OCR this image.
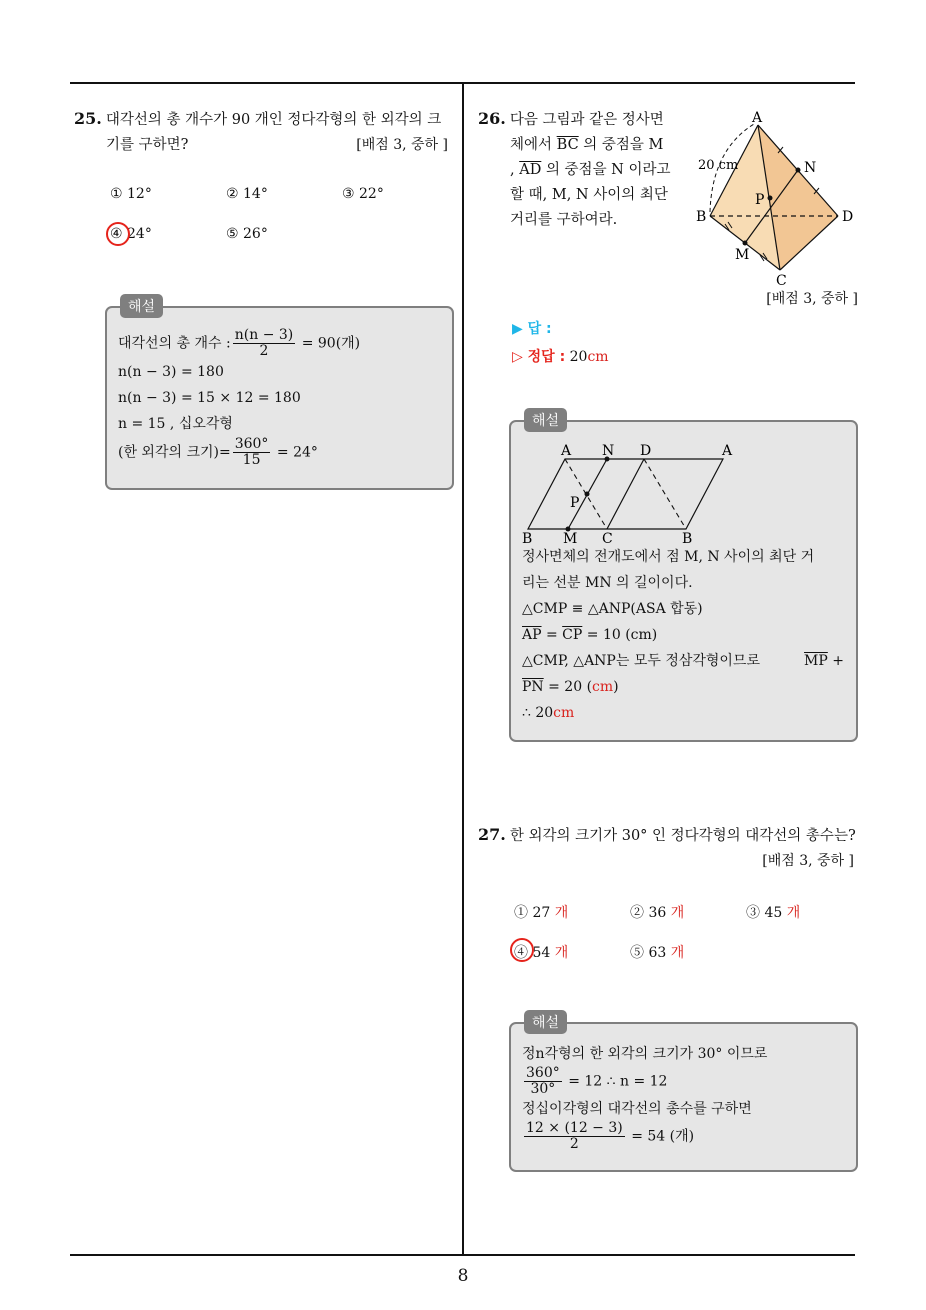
8
25. 대각선의 총 개수가 90 개인 정다각형의 한 외각의 크
기를 구하면?	[배점 3, 중하 ]
① 12°	② 14°	③ 22°
④ 24°	⑤ 26°
해설
대각선의 총 개수 : $\frac{n(n - 3)}{2} = 90$(개)
n(n − 3) = 180
n(n − 3) = 15 × 12 = 180
n = 15 , 십오각형
(한 외각의 크기)= $\frac{360^\circ}{15} = 24^\circ$
26. 다음 그림과 같은 정사면
체에서 $\overline{BC}$ 의 중점을 M
, $\overline{AD}$ 의 중점을 N 이라고
할 때, M, N 사이의 최단
거리를 구하여라.
A
N
P
B	D
M
C
20 cm
[배점 3, 중하 ]
▶ 답 :
▷ 정답 : 20cm
해설
A N D	A
P
B M C	B
정사면체의 전개도에서 점 M, N 사이의 최단 거
리는 선분 MN 의 길이이다.
△CMP ≡ △ANP(ASA 합동)
$\overline{AP} = \overline{CP} = 10$ (cm)
△CMP, △ANP는 모두 정삼각형이므로	$\overline{MP}$ +
$\overline{PN} = 20$ (cm)
∴ 20cm
27. 한 외각의 크기가 30° 인 정다각형의 대각선의 총수는?
[배점 3, 중하 ]
① 27 개	② 36 개	③ 45 개
④ 54 개	⑤ 63 개
해설
정n각형의 한 외각의 크기가 30° 이므로
$\frac{360^\circ}{30^\circ} = 12$ ∴ n = 12
정십이각형의 대각선의 총수를 구하면
$\frac{12 \times (12 - 3)}{2} = 54$ (개)
